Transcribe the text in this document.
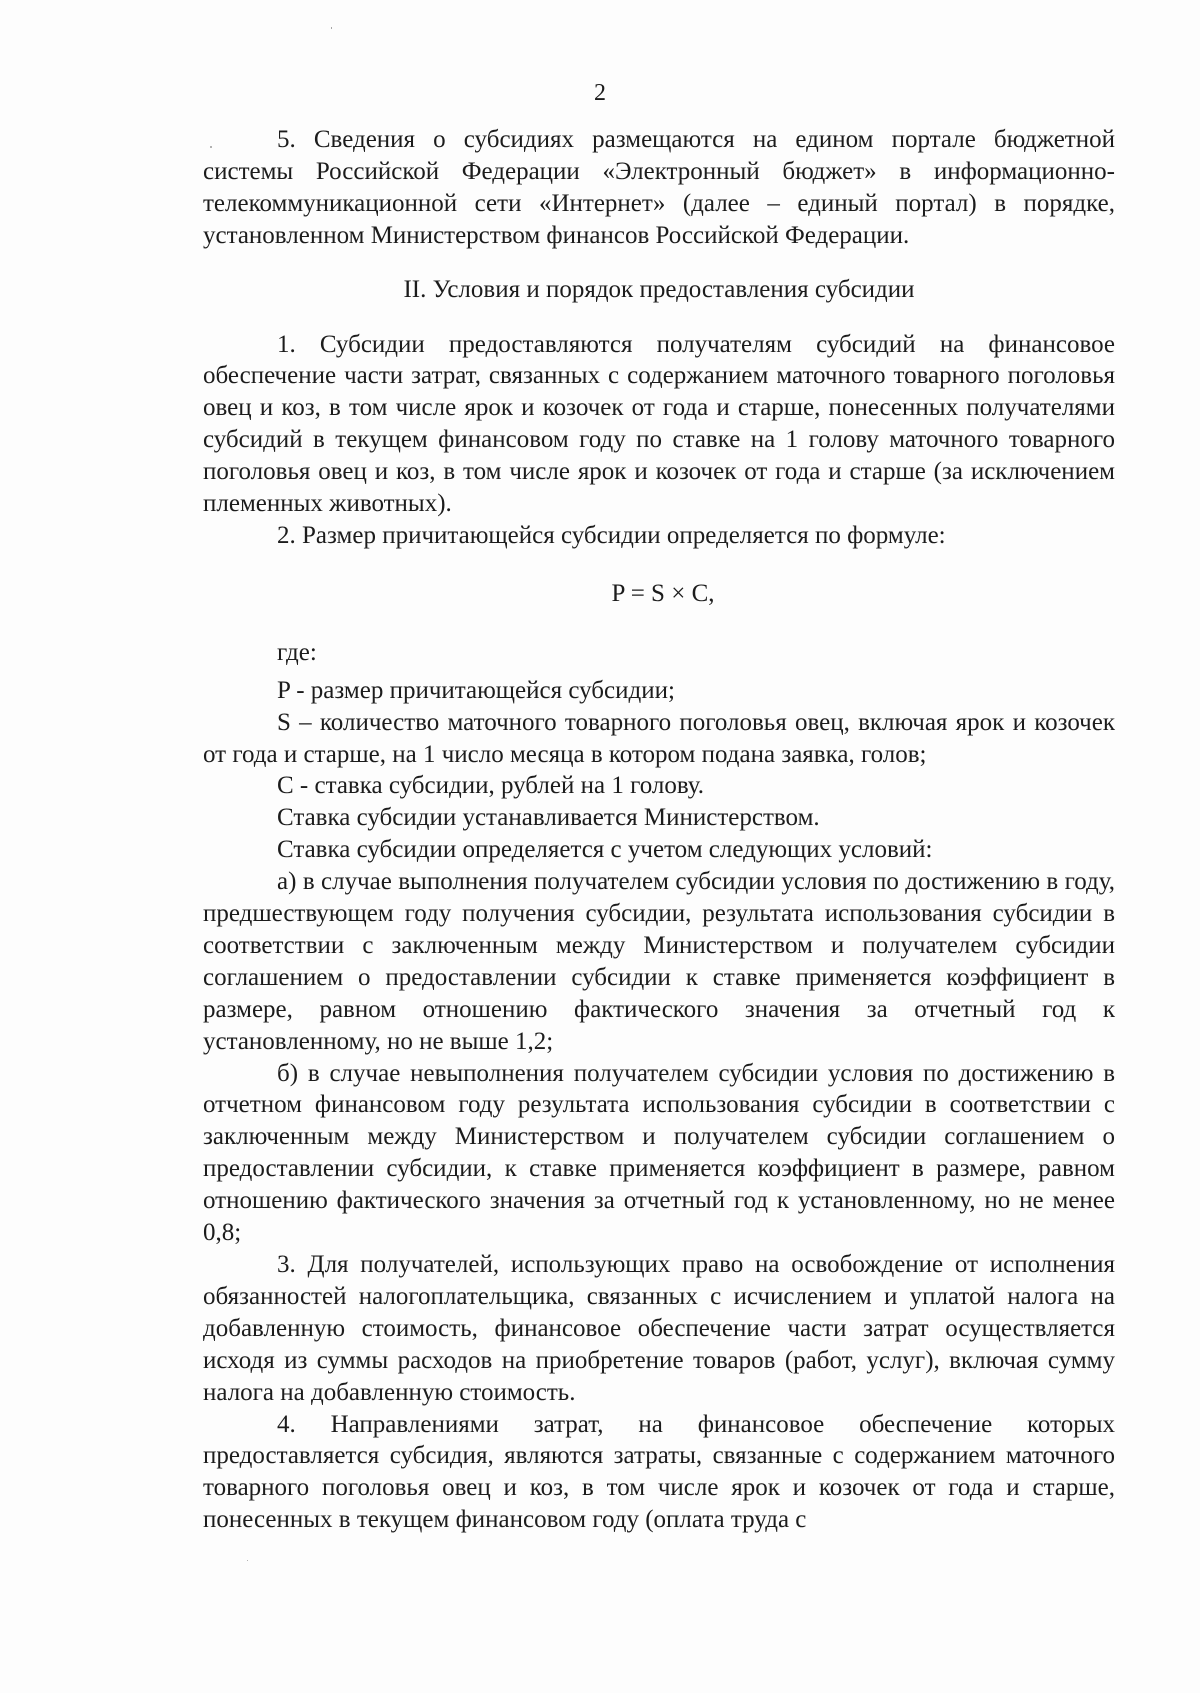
2

5. Сведения о субсидиях размещаются на едином портале бюджетной системы Российской Федерации «Электронный бюджет» в информационно-телекоммуникационной сети «Интернет» (далее – единый портал) в порядке, установленном Министерством финансов Российской Федерации.

II. Условия и порядок предоставления субсидии

1. Субсидии предоставляются получателям субсидий на финансовое обеспечение части затрат, связанных с содержанием маточного товарного поголовья овец и коз, в том числе ярок и козочек от года и старше, понесенных получателями субсидий в текущем финансовом году по ставке на 1 голову маточного товарного поголовья овец и коз, в том числе ярок и козочек от года и старше (за исключением племенных животных).

2. Размер причитающейся субсидии определяется по формуле:

P = S × C,

где:

P - размер причитающейся субсидии;

S – количество маточного товарного поголовья овец, включая ярок и козочек от года и старше, на 1 число месяца в котором подана заявка, голов;

C - ставка субсидии, рублей на 1 голову.

Ставка субсидии устанавливается Министерством.

Ставка субсидии определяется с учетом следующих условий:

а) в случае выполнения получателем субсидии условия по достижению в году, предшествующем году получения субсидии, результата использования субсидии в соответствии с заключенным между Министерством и получателем субсидии соглашением о предоставлении субсидии к ставке применяется коэффициент в размере, равном отношению фактического значения за отчетный год к установленному, но не выше 1,2;

б) в случае невыполнения получателем субсидии условия по достижению в отчетном финансовом году результата использования субсидии в соответствии с заключенным между Министерством и получателем субсидии соглашением о предоставлении субсидии, к ставке применяется коэффициент в размере, равном отношению фактического значения за отчетный год к установленному, но не менее 0,8;

3. Для получателей, использующих право на освобождение от исполнения обязанностей налогоплательщика, связанных с исчислением и уплатой налога на добавленную стоимость, финансовое обеспечение части затрат осуществляется исходя из суммы расходов на приобретение товаров (работ, услуг), включая сумму налога на добавленную стоимость.

4. Направлениями затрат, на финансовое обеспечение которых предоставляется субсидия, являются затраты, связанные с содержанием маточного товарного поголовья овец и коз, в том числе ярок и козочек от года и старше, понесенных в текущем финансовом году (оплата труда с
